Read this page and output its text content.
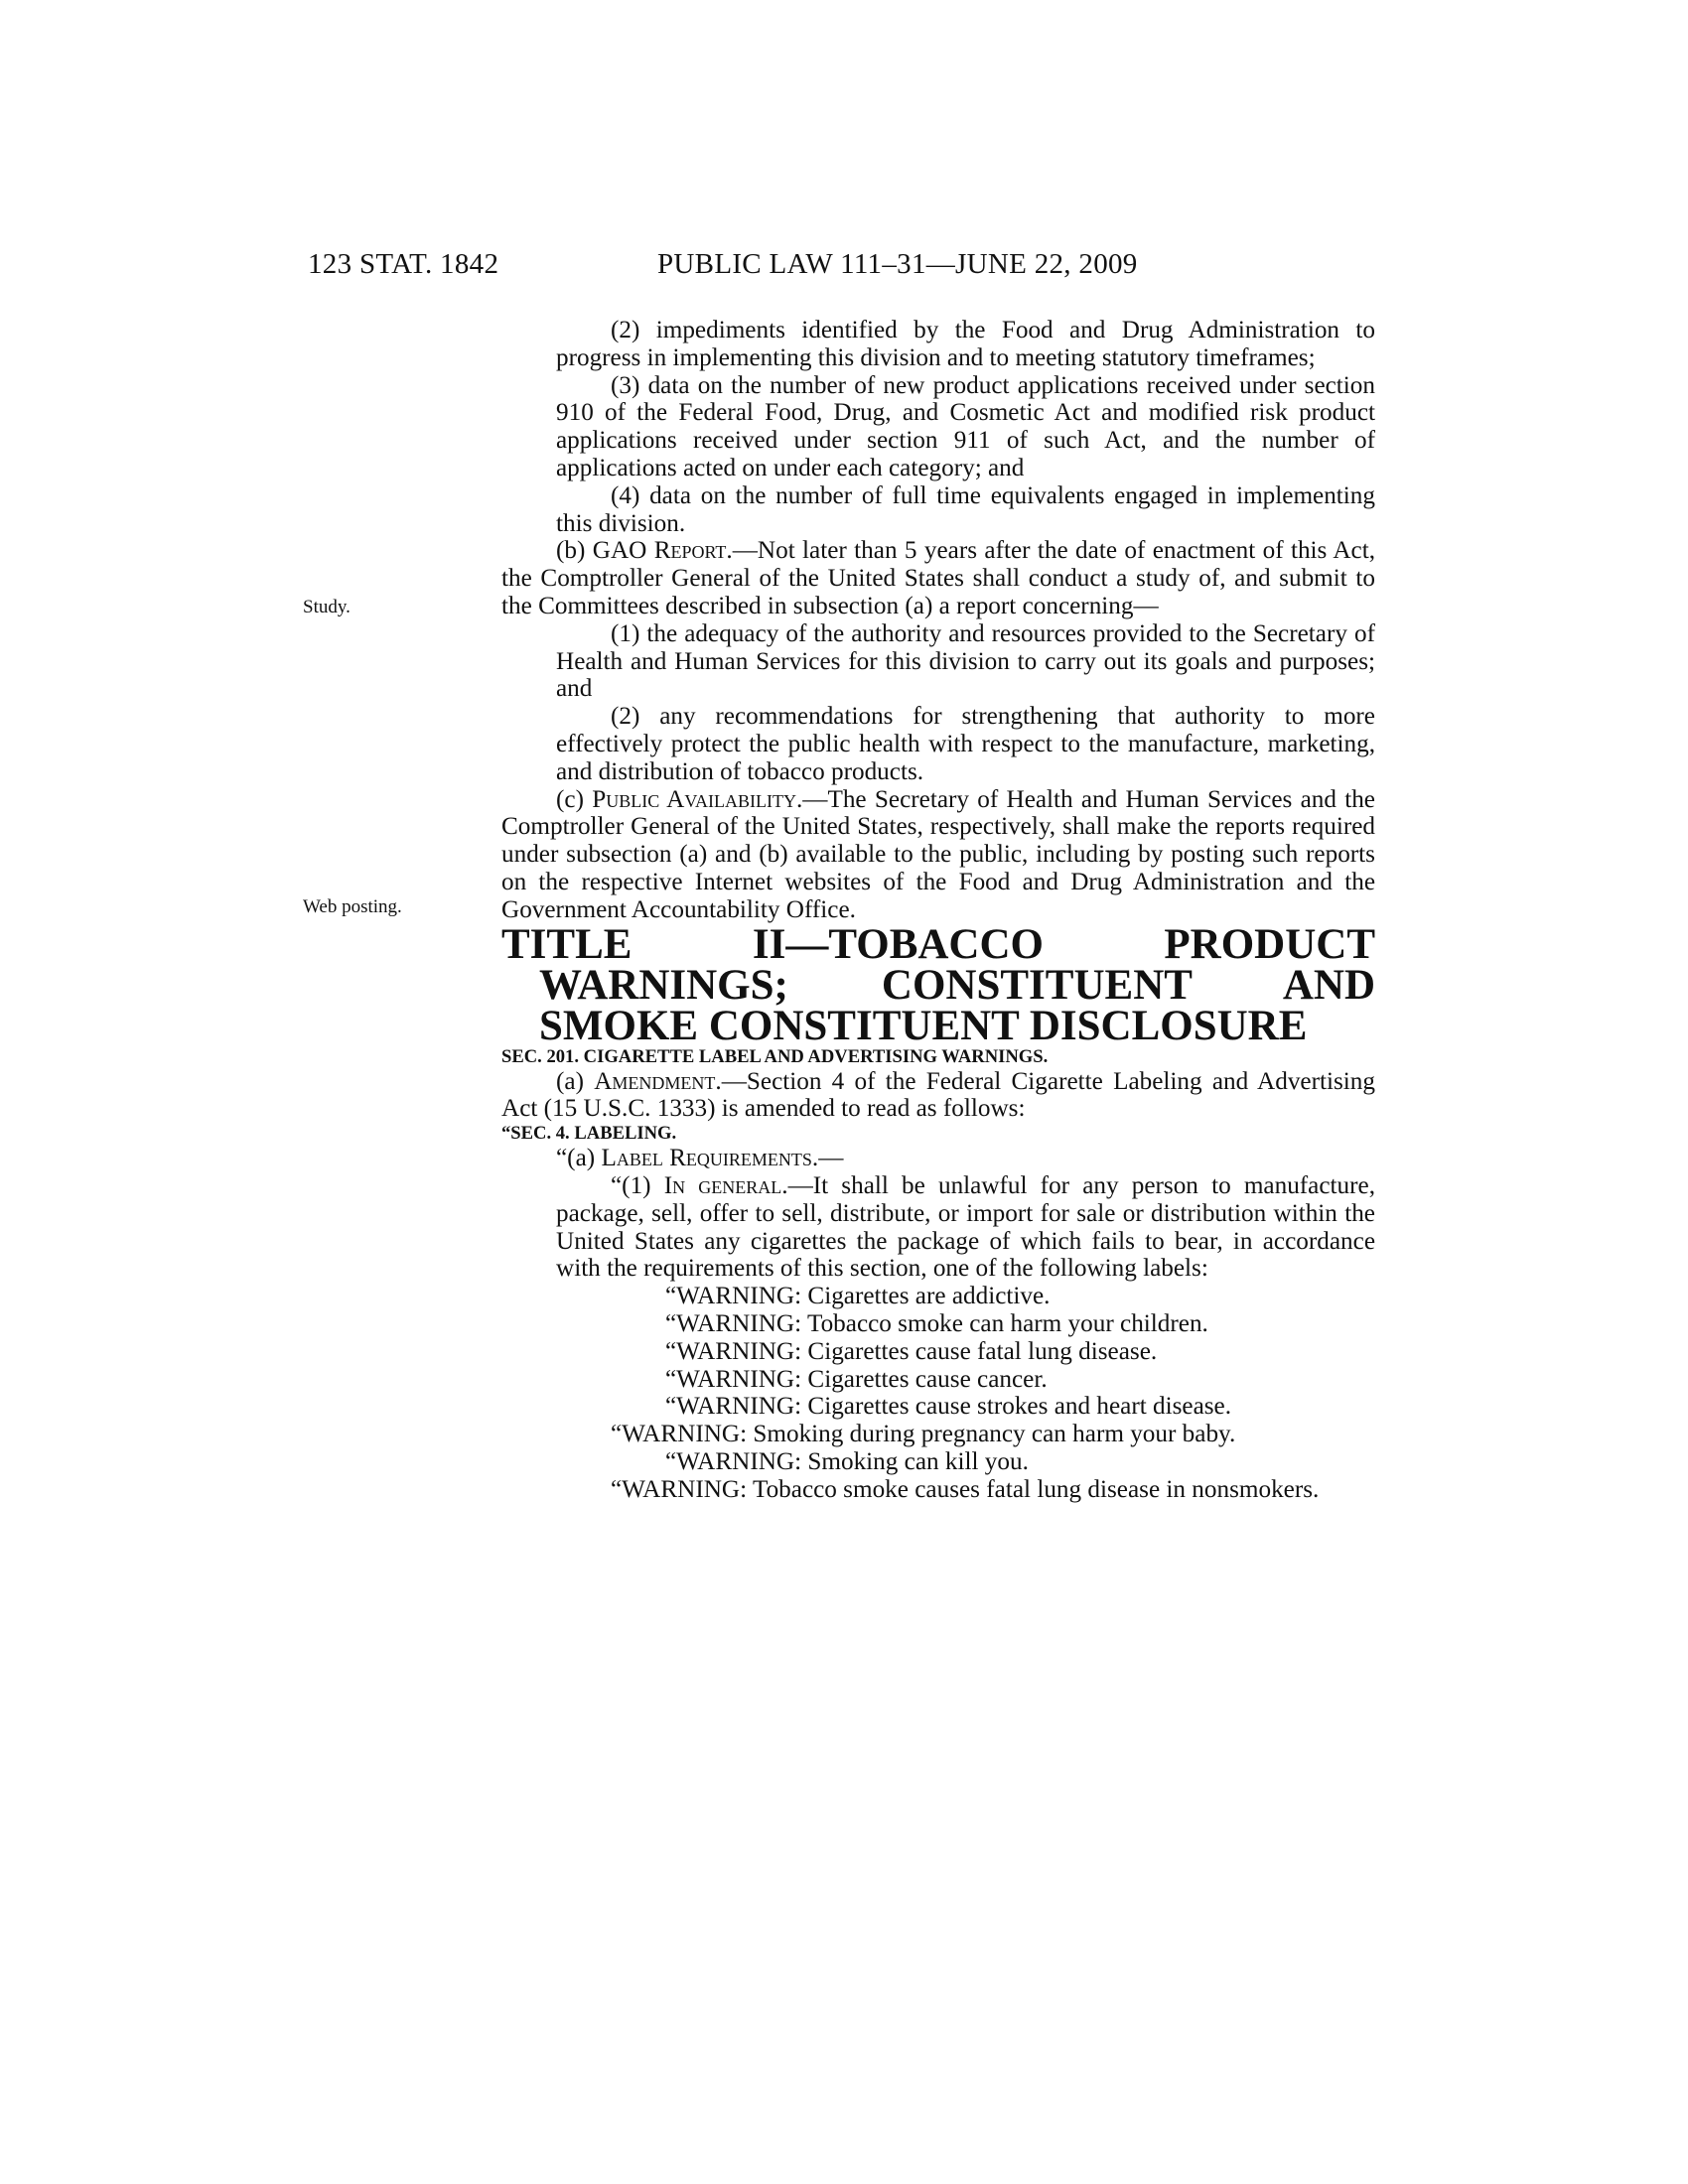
123 STAT. 1842	PUBLIC LAW 111–31—JUNE 22, 2009
Study.
Web posting.

(2) impediments identified by the Food and Drug Administration to progress in implementing this division and to meeting statutory timeframes;

(3) data on the number of new product applications received under section 910 of the Federal Food, Drug, and Cosmetic Act and modified risk product applications received under section 911 of such Act, and the number of applications acted on under each category; and

(4) data on the number of full time equivalents engaged in implementing this division.

(b) GAO Report.—Not later than 5 years after the date of enactment of this Act, the Comptroller General of the United States shall conduct a study of, and submit to the Committees described in subsection (a) a report concerning—

(1) the adequacy of the authority and resources provided to the Secretary of Health and Human Services for this division to carry out its goals and purposes; and

(2) any recommendations for strengthening that authority to more effectively protect the public health with respect to the manufacture, marketing, and distribution of tobacco products.

(c) Public Availability.—The Secretary of Health and Human Services and the Comptroller General of the United States, respectively, shall make the reports required under subsection (a) and (b) available to the public, including by posting such reports on the respective Internet websites of the Food and Drug Administration and the Government Accountability Office.

TITLE II—TOBACCO PRODUCT WARNINGS; CONSTITUENT AND SMOKE CONSTITUENT DISCLOSURE

SEC. 201. CIGARETTE LABEL AND ADVERTISING WARNINGS.

(a) Amendment.—Section 4 of the Federal Cigarette Labeling and Advertising Act (15 U.S.C. 1333) is amended to read as follows:

“SEC. 4. LABELING.

“(a) Label Requirements.—

“(1) In general.—It shall be unlawful for any person to manufacture, package, sell, offer to sell, distribute, or import for sale or distribution within the United States any cigarettes the package of which fails to bear, in accordance with the requirements of this section, one of the following labels:

“WARNING: Cigarettes are addictive.

“WARNING: Tobacco smoke can harm your children.

“WARNING: Cigarettes cause fatal lung disease.

“WARNING: Cigarettes cause cancer.

“WARNING: Cigarettes cause strokes and heart disease.

“WARNING: Smoking during pregnancy can harm your baby.

“WARNING: Smoking can kill you.

“WARNING: Tobacco smoke causes fatal lung disease in nonsmokers.
